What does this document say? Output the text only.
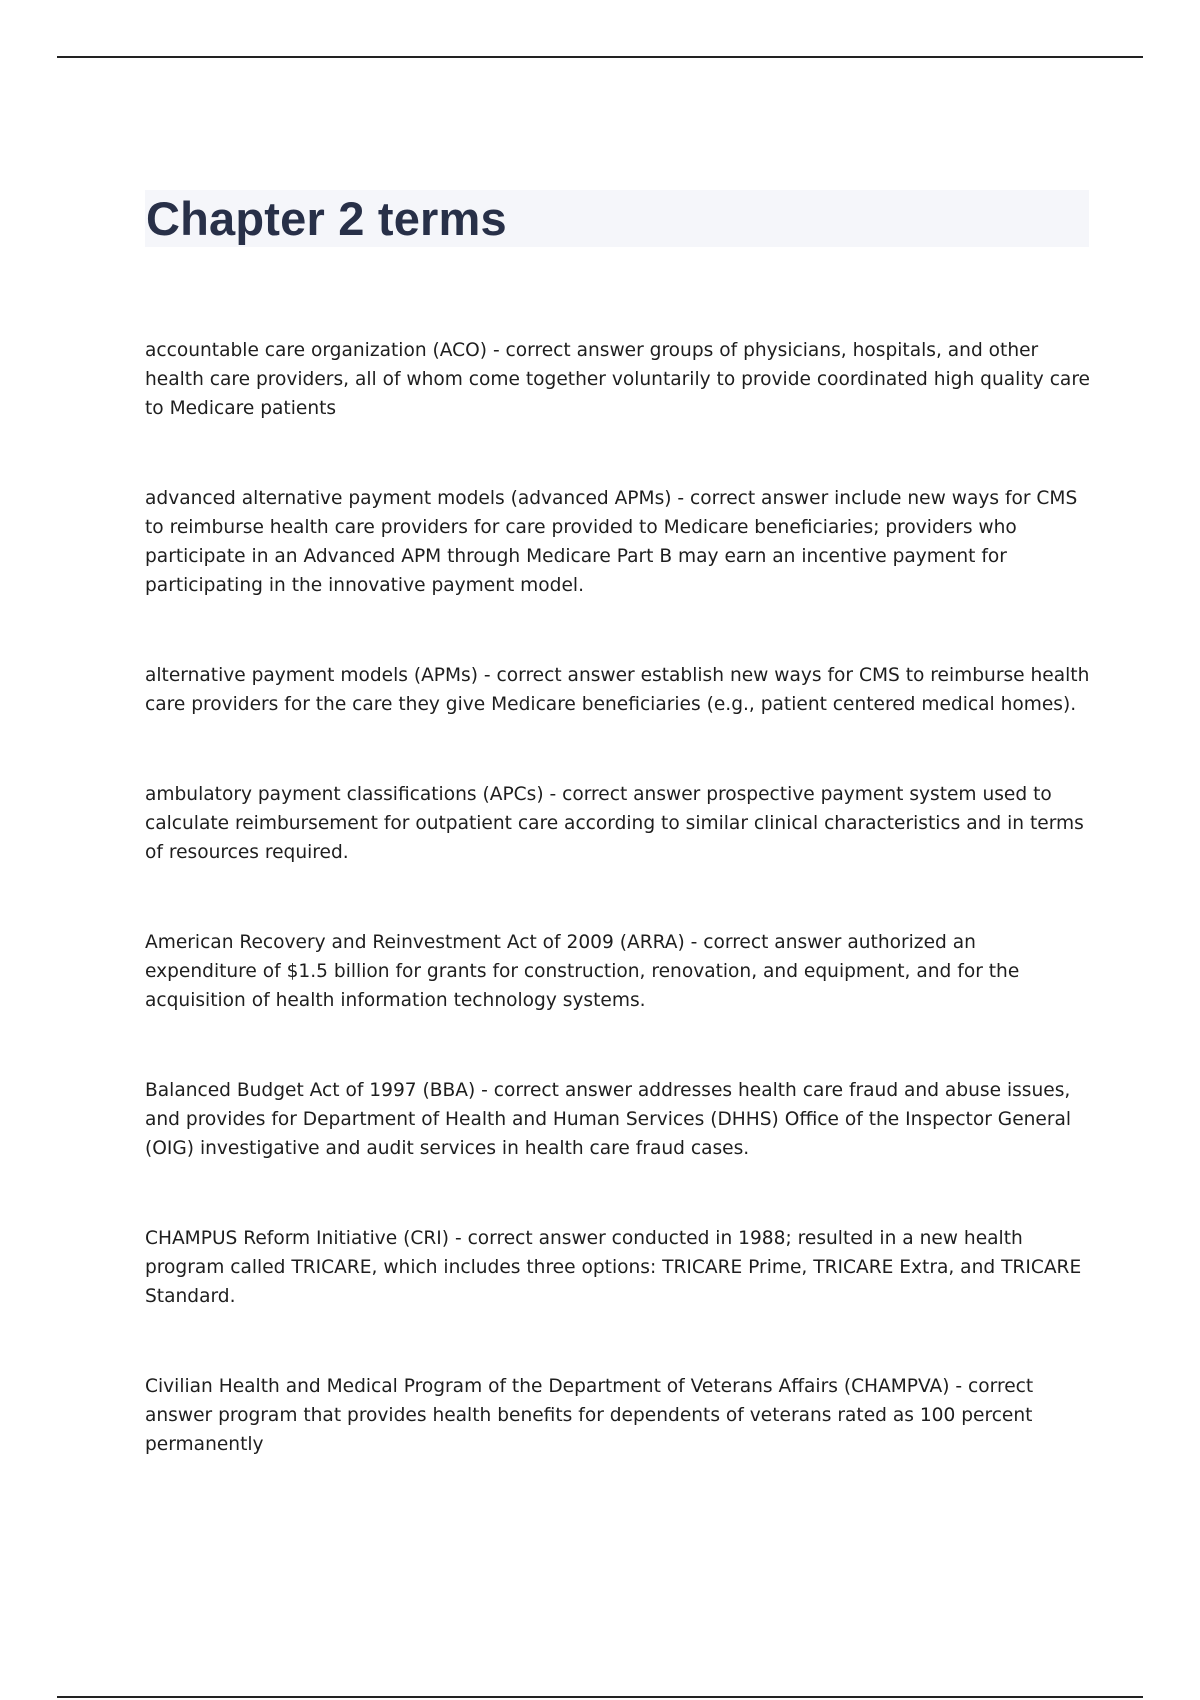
Chapter 2 terms

accountable care organization (ACO) - correct answer groups of physicians, hospitals, and other health care providers, all of whom come together voluntarily to provide coordinated high quality care to Medicare patients

advanced alternative payment models (advanced APMs) - correct answer include new ways for CMS to reimburse health care providers for care provided to Medicare beneficiaries; providers who participate in an Advanced APM through Medicare Part B may earn an incentive payment for participating in the innovative payment model.

alternative payment models (APMs) - correct answer establish new ways for CMS to reimburse health care providers for the care they give Medicare beneficiaries (e.g., patient centered medical homes).

ambulatory payment classifications (APCs) - correct answer prospective payment system used to calculate reimbursement for outpatient care according to similar clinical characteristics and in terms of resources required.

American Recovery and Reinvestment Act of 2009 (ARRA) - correct answer authorized an expenditure of $1.5 billion for grants for construction, renovation, and equipment, and for the acquisition of health information technology systems.

Balanced Budget Act of 1997 (BBA) - correct answer addresses health care fraud and abuse issues, and provides for Department of Health and Human Services (DHHS) Office of the Inspector General (OIG) investigative and audit services in health care fraud cases.

CHAMPUS Reform Initiative (CRI) - correct answer conducted in 1988; resulted in a new health program called TRICARE, which includes three options: TRICARE Prime, TRICARE Extra, and TRICARE Standard.

Civilian Health and Medical Program of the Department of Veterans Affairs (CHAMPVA) - correct answer program that provides health benefits for dependents of veterans rated as 100 percent permanently
